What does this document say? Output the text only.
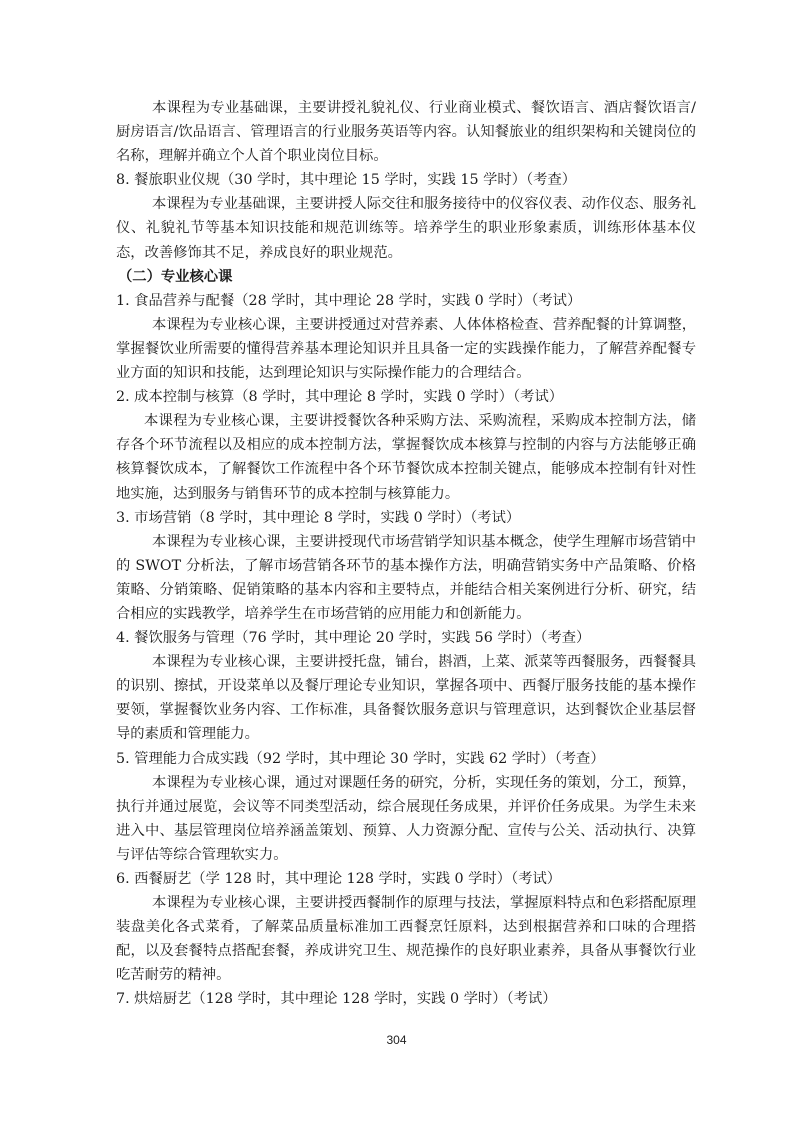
本课程为专业基础课，主要讲授礼貌礼仪、行业商业模式、餐饮语言、酒店餐饮语言/厨房语言/饮品语言、管理语言的行业服务英语等内容。认知餐旅业的组织架构和关键岗位的名称，理解并确立个人首个职业岗位目标。

8. 餐旅职业仪规（30 学时，其中理论 15 学时，实践 15 学时）（考查）

本课程为专业基础课，主要讲授人际交往和服务接待中的仪容仪表、动作仪态、服务礼仪、礼貌礼节等基本知识技能和规范训练等。培养学生的职业形象素质，训练形体基本仪态，改善修饰其不足，养成良好的职业规范。

（二）专业核心课

1. 食品营养与配餐（28 学时，其中理论 28 学时，实践 0 学时）（考试）

本课程为专业核心课，主要讲授通过对营养素、人体体格检查、营养配餐的计算调整，掌握餐饮业所需要的懂得营养基本理论知识并且具备一定的实践操作能力，了解营养配餐专业方面的知识和技能，达到理论知识与实际操作能力的合理结合。

2. 成本控制与核算（8 学时，其中理论 8 学时，实践 0 学时）（考试）

本课程为专业核心课，主要讲授餐饮各种采购方法、采购流程，采购成本控制方法，储存各个环节流程以及相应的成本控制方法，掌握餐饮成本核算与控制的内容与方法能够正确核算餐饮成本，了解餐饮工作流程中各个环节餐饮成本控制关键点，能够成本控制有针对性地实施，达到服务与销售环节的成本控制与核算能力。

3. 市场营销（8 学时，其中理论 8 学时，实践 0 学时）（考试）

本课程为专业核心课，主要讲授现代市场营销学知识基本概念，使学生理解市场营销中的 SWOT 分析法，了解市场营销各环节的基本操作方法，明确营销实务中产品策略、价格策略、分销策略、促销策略的基本内容和主要特点，并能结合相关案例进行分析、研究，结合相应的实践教学，培养学生在市场营销的应用能力和创新能力。

4. 餐饮服务与管理（76 学时，其中理论 20 学时，实践 56 学时）（考查）

本课程为专业核心课，主要讲授托盘，铺台，斟酒，上菜、派菜等西餐服务，西餐餐具的识别、擦拭，开设菜单以及餐厅理论专业知识，掌握各项中、西餐厅服务技能的基本操作要领，掌握餐饮业务内容、工作标准，具备餐饮服务意识与管理意识，达到餐饮企业基层督导的素质和管理能力。

5. 管理能力合成实践（92 学时，其中理论 30 学时，实践 62 学时）（考查）

本课程为专业核心课，通过对课题任务的研究，分析，实现任务的策划，分工，预算，执行并通过展览，会议等不同类型活动，综合展现任务成果，并评价任务成果。为学生未来进入中、基层管理岗位培养涵盖策划、预算、人力资源分配、宣传与公关、活动执行、决算与评估等综合管理软实力。

6. 西餐厨艺（学 128 时，其中理论 128 学时，实践 0 学时）（考试）

本课程为专业核心课，主要讲授西餐制作的原理与技法，掌握原料特点和色彩搭配原理装盘美化各式菜肴，了解菜品质量标准加工西餐烹饪原料，达到根据营养和口味的合理搭配，以及套餐特点搭配套餐，养成讲究卫生、规范操作的良好职业素养，具备从事餐饮行业吃苦耐劳的精神。

7. 烘焙厨艺（128 学时，其中理论 128 学时，实践 0 学时）（考试）

304
